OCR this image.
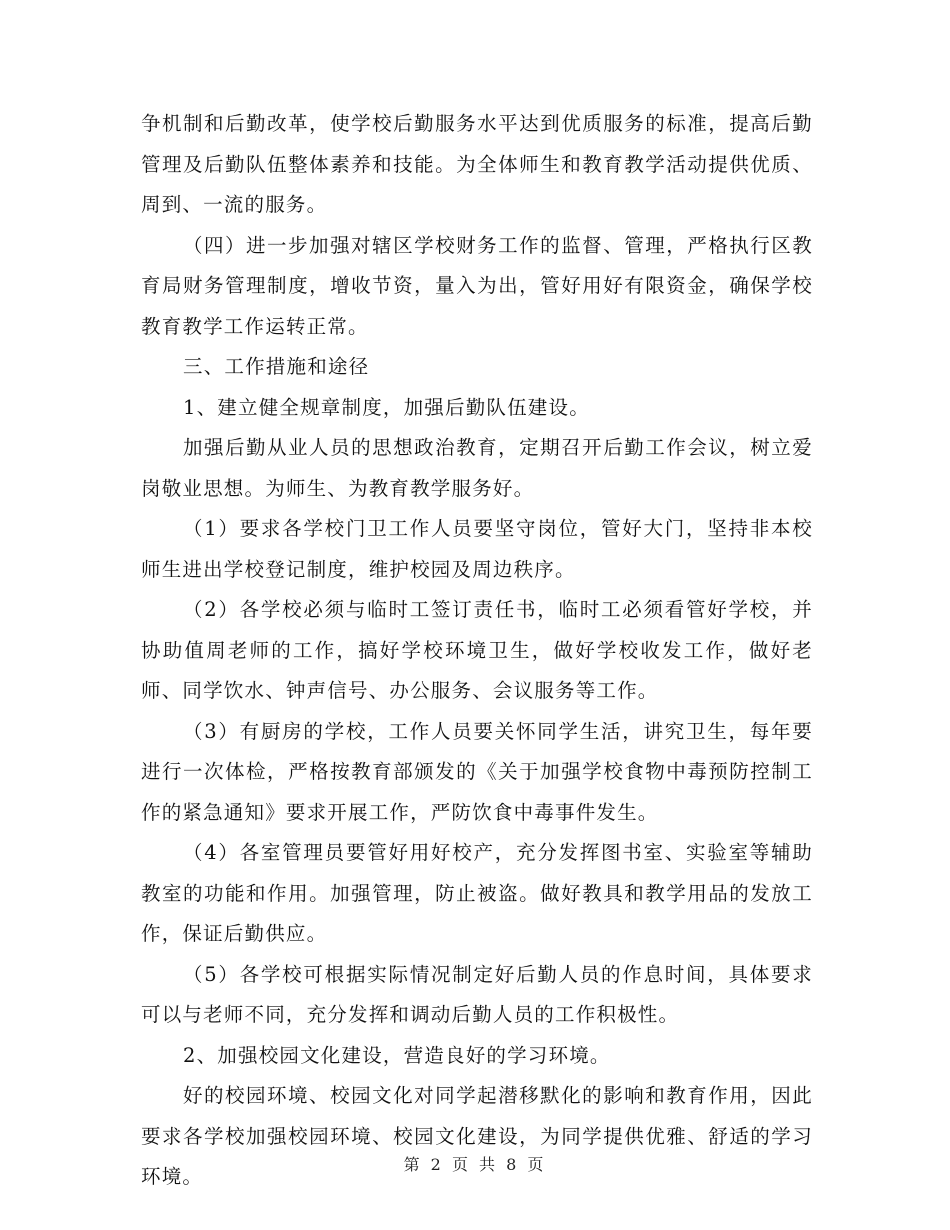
争机制和后勤改革，使学校后勤服务水平达到优质服务的标准，提高后勤管理及后勤队伍整体素养和技能。为全体师生和教育教学活动提供优质、周到、一流的服务。

（四）进一步加强对辖区学校财务工作的监督、管理，严格执行区教育局财务管理制度，增收节资，量入为出，管好用好有限资金，确保学校教育教学工作运转正常。

三、工作措施和途径

1、建立健全规章制度，加强后勤队伍建设。

加强后勤从业人员的思想政治教育，定期召开后勤工作会议，树立爱岗敬业思想。为师生、为教育教学服务好。

（1）要求各学校门卫工作人员要坚守岗位，管好大门，坚持非本校师生进出学校登记制度，维护校园及周边秩序。

（2）各学校必须与临时工签订责任书，临时工必须看管好学校，并协助值周老师的工作，搞好学校环境卫生，做好学校收发工作，做好老师、同学饮水、钟声信号、办公服务、会议服务等工作。

（3）有厨房的学校，工作人员要关怀同学生活，讲究卫生，每年要进行一次体检，严格按教育部颁发的《关于加强学校食物中毒预防控制工作的紧急通知》要求开展工作，严防饮食中毒事件发生。

（4）各室管理员要管好用好校产，充分发挥图书室、实验室等辅助教室的功能和作用。加强管理，防止被盗。做好教具和教学用品的发放工作，保证后勤供应。

（5）各学校可根据实际情况制定好后勤人员的作息时间，具体要求可以与老师不同，充分发挥和调动后勤人员的工作积极性。

2、加强校园文化建设，营造良好的学习环境。

好的校园环境、校园文化对同学起潜移默化的影响和教育作用，因此要求各学校加强校园环境、校园文化建设，为同学提供优雅、舒适的学习环境。

第 2 页 共 8 页
